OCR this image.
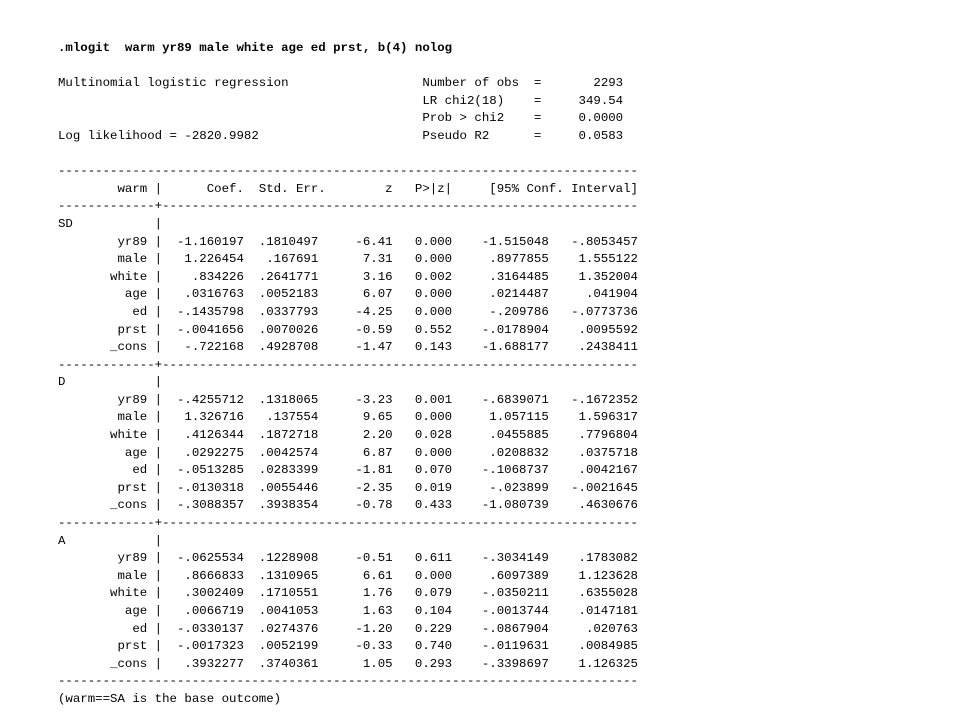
.mlogit  warm yr89 male white age ed prst, b(4) nolog

Multinomial logistic regression                  Number of obs  =       2293
LR chi2(18)    =     349.54
Prob > chi2    =     0.0000
Log likelihood = -2820.9982                      Pseudo R2      =     0.0583

------------------------------------------------------------------------------
warm |      Coef.  Std. Err.        z   P>|z|     [95% Conf. Interval]
-------------+----------------------------------------------------------------
SD           |
yr89 |  -1.160197  .1810497     -6.41   0.000    -1.515048   -.8053457
male |   1.226454   .167691      7.31   0.000     .8977855    1.555122
white |    .834226  .2641771      3.16   0.002     .3164485    1.352004
age |   .0316763  .0052183      6.07   0.000     .0214487     .041904
ed |  -.1435798  .0337793     -4.25   0.000     -.209786   -.0773736
prst |  -.0041656  .0070026     -0.59   0.552    -.0178904    .0095592
_cons |   -.722168  .4928708     -1.47   0.143    -1.688177    .2438411
-------------+----------------------------------------------------------------
D            |
yr89 |  -.4255712  .1318065     -3.23   0.001    -.6839071   -.1672352
male |   1.326716   .137554      9.65   0.000     1.057115    1.596317
white |   .4126344  .1872718      2.20   0.028     .0455885    .7796804
age |   .0292275  .0042574      6.87   0.000     .0208832    .0375718
ed |  -.0513285  .0283399     -1.81   0.070    -.1068737    .0042167
prst |  -.0130318  .0055446     -2.35   0.019     -.023899   -.0021645
_cons |  -.3088357  .3938354     -0.78   0.433    -1.080739    .4630676
-------------+----------------------------------------------------------------
A            |
yr89 |  -.0625534  .1228908     -0.51   0.611    -.3034149    .1783082
male |   .8666833  .1310965      6.61   0.000     .6097389    1.123628
white |   .3002409  .1710551      1.76   0.079    -.0350211    .6355028
age |   .0066719  .0041053      1.63   0.104    -.0013744    .0147181
ed |  -.0330137  .0274376     -1.20   0.229    -.0867904     .020763
prst |  -.0017323  .0052199     -0.33   0.740    -.0119631    .0084985
_cons |   .3932277  .3740361      1.05   0.293    -.3398697    1.126325
------------------------------------------------------------------------------
(warm==SA is the base outcome)
